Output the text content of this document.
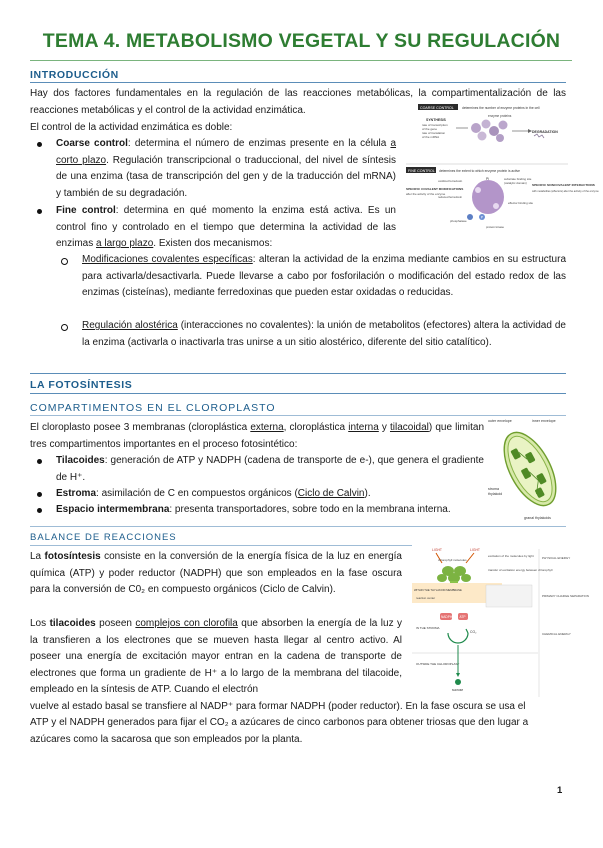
TEMA 4. METABOLISMO VEGETAL Y SU REGULACIÓN
INTRODUCCIÓN
Hay dos factores fundamentales en la regulación de las reacciones metabólicas, la compartimentalización de las reacciones metabólicas y el control de la actividad enzimática.
El control de la actividad enzimática es doble:
Coarse control: determina el número de enzimas presente en la célula a corto plazo. Regulación transcripcional o traduccional, del nivel de síntesis de una enzima (tasa de transcripción del gen y de la traducción del mRNA) y también de su degradación.
Fine control: determina en qué momento la enzima está activa. Es un control fino y controlado en el tiempo que determina la actividad de las enzimas a largo plazo. Existen dos mecanismos:
Modificaciones covalentes específicas: alteran la actividad de la enzima mediante cambios en su estructura para activarla/desactivarla. Puede llevarse a cabo por fosforilación o modificación del estado redox de las enzimas (cisteínas), mediante ferredoxinas que pueden estar oxidadas o reducidas.
Regulación alostérica (interacciones no covalentes): la unión de metabolitos (efectores) altera la actividad de la enzima (activarla o inactivarla tras unirse a un sitio alostérico, diferente del sitio catalítico).
COARSE CONTROL	determines the number of enzyme proteins in the cell
SYNTHESIS
rate of transcription
of the gene
rate of translation
of the mRNA
enzyme proteins
DEGRADATION
FINE CONTROL determines the extent to which enzyme protein is active
SPECIFIC COVALENT MODIFICATIONS
after the activity of the enzyme
oxidized ferredoxin
reduced ferredoxin
substrate binding site
(catalytic domain)
effector binding site
SPECIFIC NONCOVALENT INTERACTIONS
with metabolites (effectors) alter the activity of the enzyme
Pi
P
phosphatase
protein kinase
LA FOTOSÍNTESIS
COMPARTIMENTOS EN EL CLOROPLASTO
El cloroplasto posee 3 membranas (cloroplástica externa, cloroplástica interna y tilacoidal) que limitan tres compartimentos importantes en el proceso fotosintético:
Tilacoides: generación de ATP y NADPH (cadena de transporte de e-), que genera el gradiente de H⁺.
Estroma: asimilación de C en compuestos orgánicos (Ciclo de Calvin).
Espacio intermembrana: presenta transportadores, sobre todo en la membrana interna.
outer envelope	inner envelope
stroma
thylakoid
granal thylakoids
BALANCE DE REACCIONES
La fotosíntesis consiste en la conversión de la energía física de la luz en energía química (ATP) y poder reductor (NADPH) que son empleados en la fase oscura para la conversión de C0₂ en compuesto orgánicos (Ciclo de Calvin).
Los tilacoides poseen complejos con clorofila que absorben la energía de la luz y la transfieren a los electrones que se mueven hasta llegar al centro activo. Al poseer una energía de excitación mayor entran en la cadena de transporte de electrones que forma un gradiente de H⁺ a lo largo de la membrana del tilacoide, empleado en la síntesis de ATP. Cuando el electrón
vuelve al estado basal se transfiere al NADP⁺ para formar NADPH (poder reductor). En la fase oscura se usa el
ATP y el NADPH generados para fijar el CO₂ a azúcares de cinco carbonos para obtener triosas que den lugar a
azúcares como la sacarosa que son empleados por la planta.
LIGHT	LIGHT
chlorophyll molecules
excitation of the molecules by light
transfer of excitation energy between chlorophyll
PHYSICAL ENERGY
WITHIN THE THYLAKOID MEMBRANE
reaction center	PRIMARY CHARGE SEPARATION
IN THE STROMA
NADPH ATP
CO₂	CHEMICAL ENERGY
OUTSIDE THE CHLOROPLAST
sucrose
1
